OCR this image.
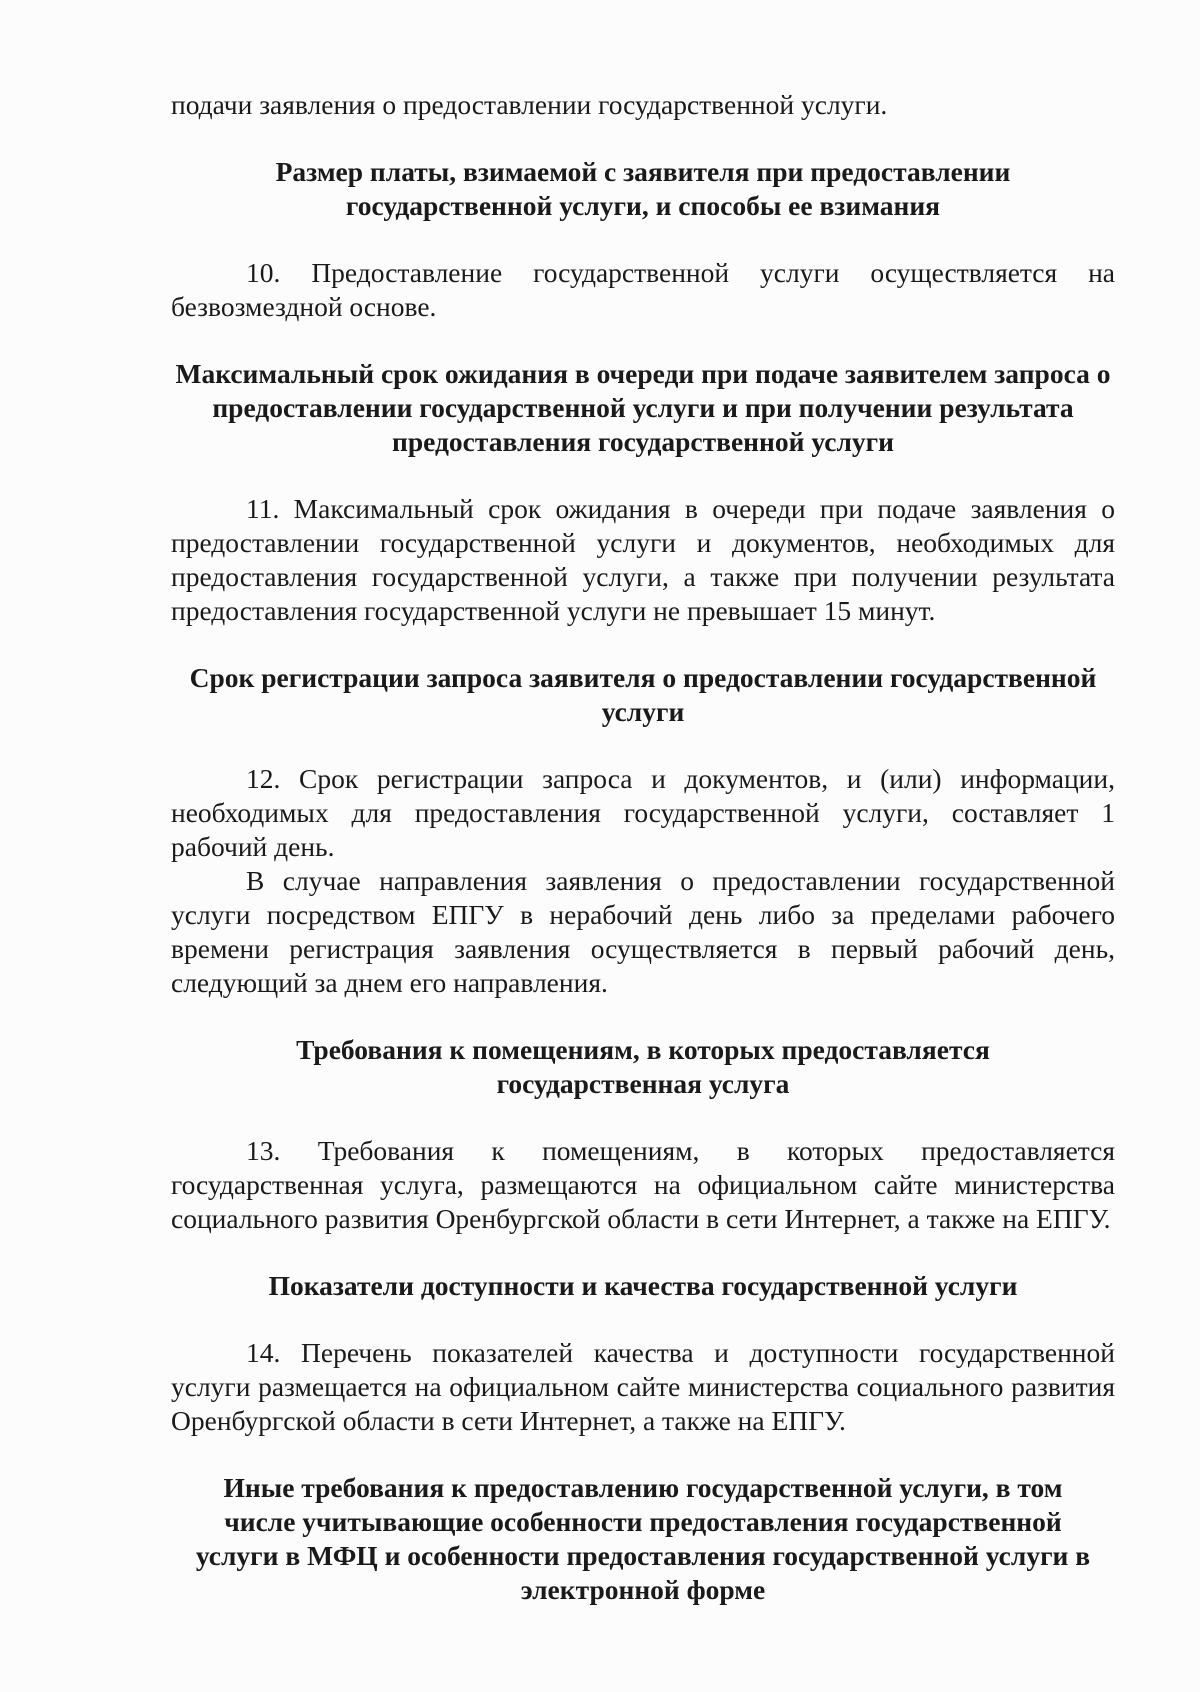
подачи заявления о предоставлении государственной услуги.

Размер платы, взимаемой с заявителя при предоставлении государственной услуги, и способы ее взимания

10. Предоставление государственной услуги осуществляется на безвозмездной основе.

Максимальный срок ожидания в очереди при подаче заявителем запроса о предоставлении государственной услуги и при получении результата предоставления государственной услуги

11. Максимальный срок ожидания в очереди при подаче заявления о предоставлении государственной услуги и документов, необходимых для предоставления государственной услуги, а также при получении результата предоставления государственной услуги не превышает 15 минут.

Срок регистрации запроса заявителя о предоставлении государственной услуги

12. Срок регистрации запроса и документов, и (или) информации, необходимых для предоставления государственной услуги, составляет 1 рабочий день.

В случае направления заявления о предоставлении государственной услуги посредством ЕПГУ в нерабочий день либо за пределами рабочего времени регистрация заявления осуществляется в первый рабочий день, следующий за днем его направления.

Требования к помещениям, в которых предоставляется государственная услуга

13. Требования к помещениям, в которых предоставляется государственная услуга, размещаются на официальном сайте министерства социального развития Оренбургской области в сети Интернет, а также на ЕПГУ.

Показатели доступности и качества государственной услуги

14. Перечень показателей качества и доступности государственной услуги размещается на официальном сайте министерства социального развития Оренбургской области в сети Интернет, а также на ЕПГУ.

Иные требования к предоставлению государственной услуги, в том числе учитывающие особенности предоставления государственной услуги в МФЦ и особенности предоставления государственной услуги в электронной форме
